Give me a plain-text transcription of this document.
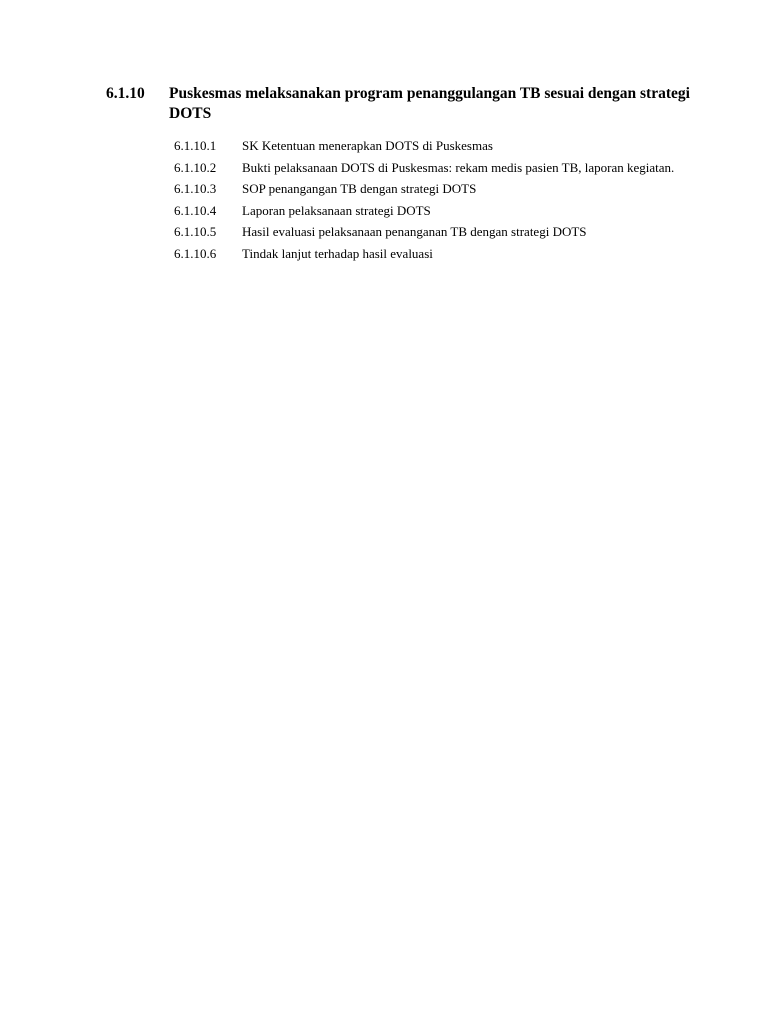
6.1.10	Puskesmas melaksanakan program penanggulangan TB sesuai dengan strategi DOTS
6.1.10.1	SK Ketentuan menerapkan DOTS di Puskesmas
6.1.10.2	Bukti pelaksanaan DOTS di Puskesmas: rekam medis pasien TB, laporan kegiatan.
6.1.10.3	SOP penangangan TB dengan strategi DOTS
6.1.10.4	Laporan pelaksanaan strategi DOTS
6.1.10.5	Hasil evaluasi pelaksanaan penanganan TB dengan strategi DOTS
6.1.10.6	Tindak lanjut terhadap hasil evaluasi
